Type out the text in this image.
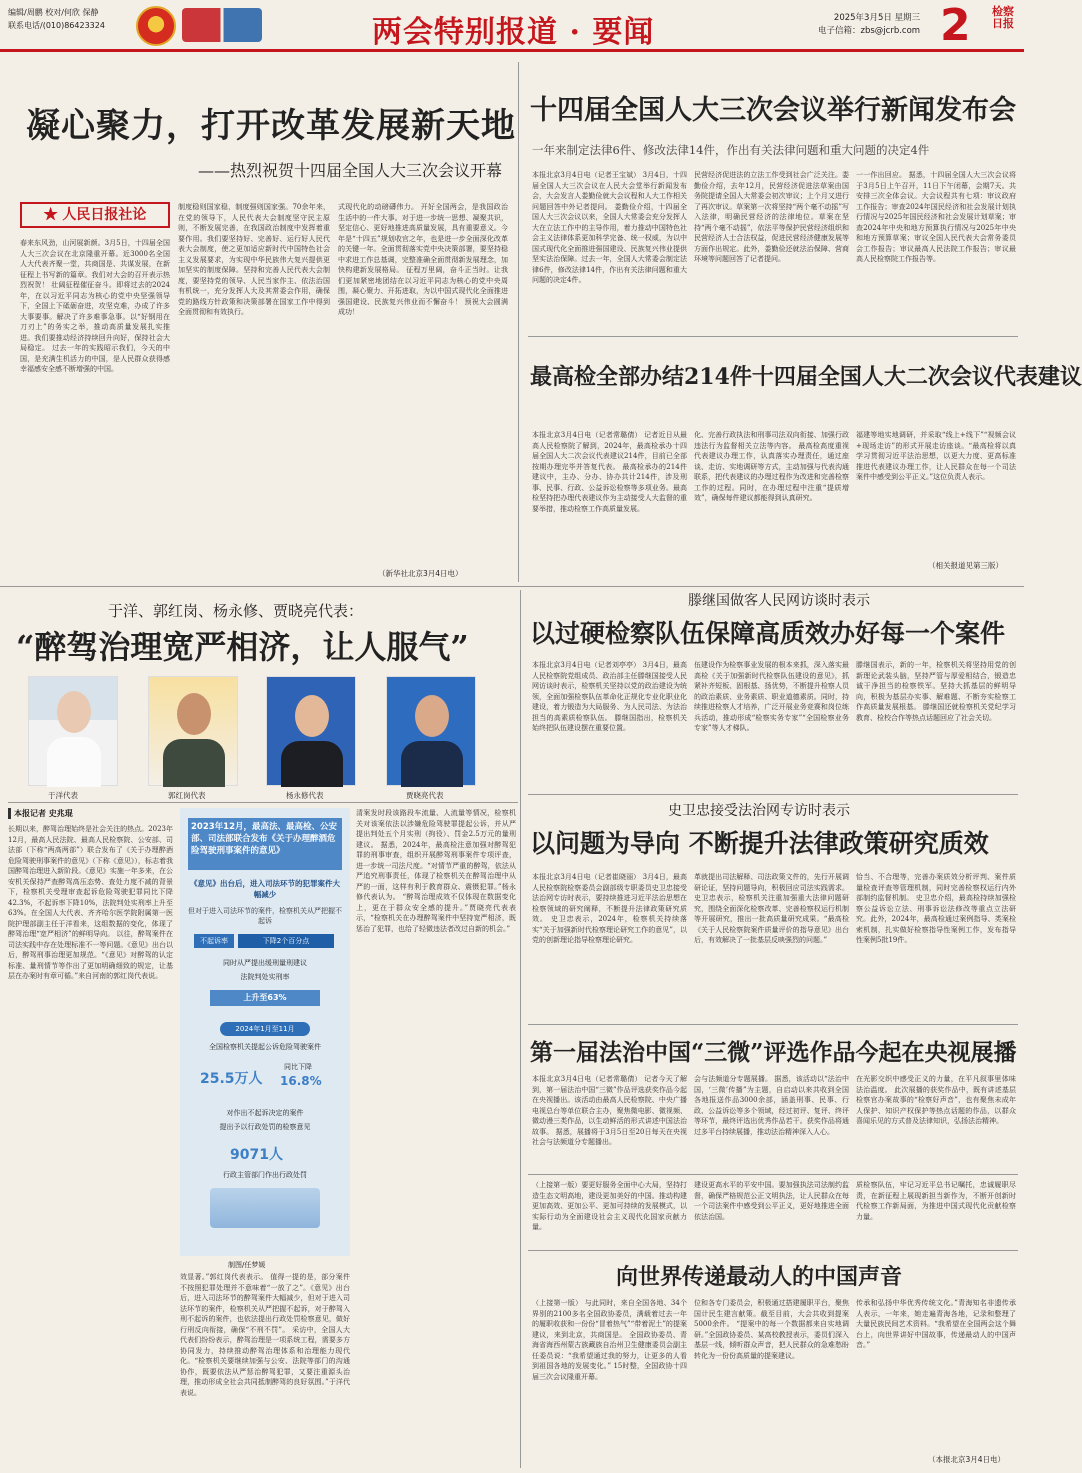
编辑/周鹏 校对/何欣 保静
联系电话/(010)86423324	两会特别报道 · 要闻	2025年3月5日 星期三
电子信箱：zbs@jcrb.com 2	检察日报
凝心聚力，打开改革发展新天地
——热烈祝贺十四届全国人大三次会议开幕
★ 人民日报社论
春来东风劲，山河展新颜。3月5日，十四届全国人大三次会议在北京隆重开幕。近3000名全国人大代表齐聚一堂，共商国是、共谋发展，在新征程上书写新的篇章。我们对大会的召开表示热烈祝贺！ 壮阔征程催征奋斗。即将过去的2024年，在以习近平同志为核心的党中央坚强领导下，全国上下砥砺奋进，攻坚克难，办成了许多大事要事。解决了许多难事急事。以“好钢用在刀刃上”的务实之举，推动高质量发展扎实推进。我们要推动经济持续回升向好，保持社会大局稳定。 过去一年的实践昭示我们，今天的中国，是充满生机活力的中国，是人民群众获得感幸福感安全感不断增强的中国。
制度稳则国家稳，制度强则国家强。70余年来，在党的领导下，人民代表大会制度坚守民主原则，不断发展完善，在我国政治制度中发挥着重要作用。我们要坚持好、完善好、运行好人民代表大会制度，使之更加适应新时代中国特色社会主义发展要求，为实现中华民族伟大复兴提供更加坚实的制度保障。坚持和完善人民代表大会制度，要坚持党的领导、人民当家作主、依法治国有机统一，充分发挥人大及其常委会作用，确保党的路线方针政策和决策部署在国家工作中得到全面贯彻和有效执行。
式现代化的动磅礴伟力。 开好全国两会，是我国政治生活中的一件大事。对于进一步统一思想、凝聚共识，坚定信心、更好地推进高质量发展，具有重要意义。今年是“十四五”规划收官之年，也是进一步全面深化改革的关键一年。全面贯彻落实党中央决策部署，要坚持稳中求进工作总基调，完整准确全面贯彻新发展理念，加快构建新发展格局。 征程万里阔，奋斗正当时。让我们更加紧密地团结在以习近平同志为核心的党中央周围，凝心聚力、开拓进取，为以中国式现代化全面推进强国建设、民族复兴伟业而不懈奋斗！ 预祝大会圆满成功！
（新华社北京3月4日电）
十四届全国人大三次会议举行新闻发布会
一年来制定法律6件、修改法律14件，作出有关法律问题和重大问题的决定4件
本报北京3月4日电（记者王宝斌） 3月4日，十四届全国人大三次会议在人民大会堂举行新闻发布会，大会发言人娄勤俭就大会议程和人大工作相关问题回答中外记者提问。 娄勤俭介绍，十四届全国人大三次会议以来，全国人大常委会充分发挥人大在立法工作中的主导作用，着力推动中国特色社会主义法律体系更加科学完备、统一权威，为以中国式现代化全面推进强国建设、民族复兴伟业提供坚实法治保障。过去一年，全国人大常委会制定法律6件，修改法律14件，作出有关法律问题和重大问题的决定4件。
民营经济促进法的立法工作受到社会广泛关注。娄勤俭介绍，去年12月，民营经济促进法草案由国务院提请全国人大常委会初次审议；上个月又进行了再次审议。草案第一次将坚持“两个毫不动摇”写入法律，明确民营经济的法律地位。草案在坚持“两个毫不动摇”，依法平等保护民营经济组织和民营经济人士合法权益，促进民营经济健康发展等方面作出规定。此外，娄勤俭还就法治保障、营商环境等问题回答了记者提问。
一一作出回应。 据悉，十四届全国人大三次会议将于3月5日上午召开，11日下午闭幕，会期7天。共安排三次全体会议。大会议程共有七项：审议政府工作报告；审查2024年国民经济和社会发展计划执行情况与2025年国民经济和社会发展计划草案；审查2024年中央和地方预算执行情况与2025年中央和地方预算草案；审议全国人民代表大会常务委员会工作报告；审议最高人民法院工作报告；审议最高人民检察院工作报告等。
最高检全部办结214件十四届全国人大二次会议代表建议
本报北京3月4日电（记者常璐倩） 记者近日从最高人民检察院了解到，2024年，最高检承办十四届全国人大二次会议代表建议214件，目前已全部按期办理完毕并答复代表。 最高检承办的214件建议中，主办、分办、协办共计214件，涉及刑事、民事、行政、公益诉讼检察等多项业务。最高检坚持把办理代表建议作为主动接受人大监督的重要举措，推动检察工作高质量发展。
化、完善行政执法和刑事司法双向衔接、加强行政违法行为监督相关立法等内容。 最高检高度重视代表建议办理工作，认真落实办理责任，通过座谈、走访、实地调研等方式，主动加强与代表沟通联系，把代表建议的办理过程作为改进和完善检察工作的过程。同时，在办理过程中注重“提质增效”，确保每件建议都能得到认真研究。
福建等地实地调研，并采取“线上+线下”“视频会议+现场走访”的形式开展走访座谈。“最高检将以真学习贯彻习近平法治思想，以更大力度、更高标准推进代表建议办理工作，让人民群众在每一个司法案件中感受到公平正义。”这位负责人表示。
（相关报道见第三版）
于洋、郭红岗、杨永修、贾晓亮代表：
“醉驾治理宽严相济，让人服气”
于洋代表	郭红岗代表	杨永修代表	贾晓亮代表
本报记者 史兆琨
长期以来，醉驾治理始终是社会关注的热点。2023年12月，最高人民法院、最高人民检察院、公安部、司法部（下称“两高两部”）联合发布了《关于办理醉酒危险驾驶刑事案件的意见》（下称《意见》），标志着我国醉驾治理进入新阶段。《意见》实施一年多来，在公安机关保持严查醉驾高压态势、查处力度不减的背景下，检察机关受理审查起诉危险驾驶犯罪同比下降42.3%，不起诉率下降10%，法院判处实刑率上升至63%。在全国人大代表、齐齐哈尔医学院附属第一医院护理部副主任于洋看来，这组数据的变化，体现了醉驾治理“宽严相济”的鲜明导向。 以往，醉驾案件在司法实践中存在处理标准不一等问题。《意见》出台以后，醉驾刑事治理更加规范。“《意见》对醉驾的认定标准、量刑情节等作出了更加明确细致的规定，让基层在办案时有章可循。”来自河南的郭红岗代表说。
2023年12月，最高法、最高检、公安部、司法部联合发布《关于办理醉酒危险驾驶刑事案件的意见》
《意见》出台后，进入司法环节的犯罪案件大幅减少
但对于进入司法环节的案件，检察机关从严把握不起诉
不起诉率	下降2个百分点
同时从严提出缓刑量刑建议
法院判处实刑率
上升至63%
2024年1月至11月
全国检察机关提起公诉危险驾驶案件
25.5万人
同比下降
16.8%
对作出不起诉决定的案件
提出予以行政处罚的检察意见
9071人
行政主管部门作出行政处罚
制图/任梦媛
效显著。”郭红岗代表表示。 值得一提的是，部分案件不按照犯罪处理并不意味着“一放了之”。《意见》出台后，进入司法环节的醉驾案件大幅减少，但对于进入司法环节的案件，检察机关从严把握不起诉，对于醉驾入刑不起诉的案件，也依法提出行政处罚检察意见，做好行刑反向衔接，确保“不刑不罚”。 采访中，全国人大代表们纷纷表示，醉驾治理是一项系统工程，需要多方协同发力，持续推动醉驾治理体系和治理能力现代化。“检察机关要继续加强与公安、法院等部门的沟通协作，既要依法从严惩治醉驾犯罪，又要注重源头治理，推动形成全社会共同抵制醉驾的良好氛围。”于洋代表说。
清案发时段该路段车流量、人流量等情况，检察机关对该案依法以涉嫌危险驾驶罪提起公诉，并从严提出判处五个月实刑（拘役）、罚金2.5万元的量刑建议。 据悉，2024年，最高检注意加强对醉驾犯罪的刑事审查，组织开展醉驾刑事案件专项评查，进一步统一司法尺度。“对情节严重的醉驾，依法从严追究刑事责任，体现了检察机关在醉驾治理中从严的一面，这样有利于教育群众、震慑犯罪。”杨永修代表认为。 “醉驾治理成效不仅体现在数据变化上，更在于群众安全感的提升。”贾晓亮代表表示，“检察机关在办理醉驾案件中坚持宽严相济，既惩治了犯罪，也给了轻微违法者改过自新的机会。”
滕继国做客人民网访谈时表示
以过硬检察队伍保障高质效办好每一个案件
本报北京3月4日电（记者刘亭亭） 3月4日，最高人民检察院党组成员、政治部主任滕继国接受人民网访谈时表示，检察机关坚持以党的政治建设为统领，全面加强检察队伍革命化正规化专业化职业化建设，着力锻造为大局服务、为人民司法、为法治担当的高素质检察队伍。 滕继国指出，检察机关始终把队伍建设摆在重要位置。
伍建设作为检察事业发展的根本来抓，深入落实最高检《关于加强新时代检察队伍建设的意见》，抓紧补齐短板、固根基、扬优势，不断提升检察人员的政治素质、业务素质、职业道德素质。同时，持续推进检察人才培养，广泛开展业务竞赛和岗位练兵活动，推动形成“检察实务专家”“全国检察业务专家”等人才梯队。
滕继国表示，新的一年，检察机关将坚持用党的创新理论武装头脑，坚持严管与厚爱相结合，锻造忠诚干净担当的检察铁军。坚持大抓基层的鲜明导向，积极为基层办实事、解难题、不断夯实检察工作高质量发展根基。 滕继国还就检察机关党纪学习教育、检校合作等热点话题回应了社会关切。
史卫忠接受法治网专访时表示
以问题为导向 不断提升法律政策研究质效
本报北京3月4日电（记者崔晓丽） 3月4日，最高人民检察院检察委员会副部级专职委员史卫忠接受法治网专访时表示，要持续推进习近平法治思想在检察领域的研究阐释，不断提升法律政策研究质效。 史卫忠表示，2024年，检察机关持续落实“关于加强新时代检察理论研究工作的意见”，以党的创新理论指导检察理论研究。
革就提出司法解释、司法政策文件的，先行开展调研论证，坚持问题导向，积极回应司法实践需求。 史卫忠表示，检察机关注重加强重大法律问题研究，围绕全面深化检察改革、完善检察权运行机制等开展研究，推出一批高质量研究成果。“最高检《关于人民检察院案件质量评价的指导意见》出台后，有效解决了一批基层反映强烈的问题。”
恰当、不合理等，完善办案质效分析评判、案件质量检查评查等管理机制，同时完善检察权运行内外部制约监督机制。 史卫忠介绍，最高检持续加强检察公益诉讼立法、刑事诉讼法修改等重点立法研究。此外，2024年，最高检通过案例指导、类案检索机制，扎实做好检察指导性案例工作，发布指导性案例5批19件。
第一届法治中国“三微”评选作品今起在央视展播
本报北京3月4日电（记者常璐倩） 记者今天了解到，第一届法治中国“三微”作品评选获奖作品今起在央视播出。该活动由最高人民检察院、中央广播电视总台等单位联合主办，聚焦微电影、微视频、微动漫三类作品，以生动鲜活的形式讲述中国法治故事。 据悉，展播将于3月5日至20日每天在央视社会与法频道分专题播出。
会与法频道分专题展播。 据悉，该活动以“法治中国，‘三微’传播”为主题，自启动以来共收到全国各地报送作品3000余部，涵盖刑事、民事、行政、公益诉讼等多个领域，经过初评、复评、终评等环节，最终评选出优秀作品若干。获奖作品将通过多平台持续展播，推动法治精神深入人心。
在光影交织中感受正义的力量，在平凡叙事里体味法治温度。 此次展播的获奖作品中，既有讲述基层检察官办案故事的“检察好声音”，也有聚焦未成年人保护、知识产权保护等热点话题的作品，以群众喜闻乐见的方式普及法律知识，弘扬法治精神。
（上接第一版）要更好服务全面中心大局，坚持打造生态文明高地，建设更加美好的中国。推动构建更加高效、更加公平、更加可持续的发展模式，以实际行动为全面建设社会主义现代化国家贡献力量。
建设更高水平的平安中国。要加强执法司法制约监督，确保严格规范公正文明执法，让人民群众在每一个司法案件中感受到公平正义，更好地推进全面依法治国。
质检察队伍，牢记习近平总书记嘱托，忠诚履职尽责，在新征程上展现新担当新作为，不断开创新时代检察工作新局面，为推进中国式现代化贡献检察力量。
向世界传递最动人的中国声音
（上接第一版） 与此同时，来自全国各地、34个界别的2100多名全国政协委员，满载着过去一年的履职收获和一份份“冒着热气”“带着泥土”的提案建议，来到北京，共商国是。 全国政协委员、青海省海西州蒙古族藏族自治州卫生健康委员会副主任委员说：“我希望通过我的努力，让更多的人看到祖国各地的发展变化。” 15时整，全国政协十四届三次会议隆重开幕。
位和各专门委员会，积极通过搭建履职平台，聚焦国计民生建言献策。截至目前，大会共收到提案5000余件。 “提案中的每一个数据都来自实地调研。”全国政协委员、某高校教授表示，委员们深入基层一线，倾听群众声音，把人民群众的急难愁盼转化为一份份高质量的提案建议。
传承和弘扬中华优秀传统文化。”青海知名非遗传承人表示，一年来，她走遍青海各地，记录和整理了大量民族民间艺术资料。“我希望在全国两会这个舞台上，向世界讲好中国故事，传递最动人的中国声音。”
（本报北京3月4日电）
